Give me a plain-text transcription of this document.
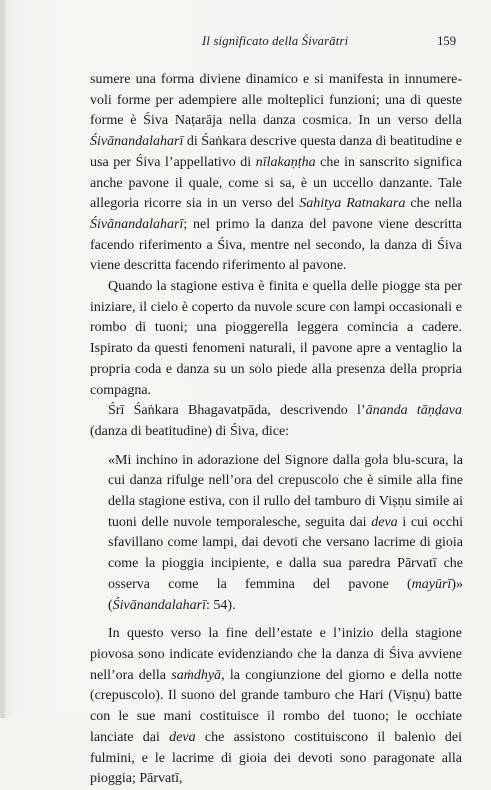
Il significato della Śivarātri	159

sumere una forma diviene dinamico e si manifesta in innumere-voli forme per adempiere alle molteplici funzioni; una di queste forme è Śiva Naṭarāja nella danza cosmica. In un verso della Śivānandalaharī di Śaṅkara descrive questa danza di beatitudine e usa per Śiva l’appellativo di nīlakaṇṭha che in sanscrito significa anche pavone il quale, come si sa, è un uccello danzante. Tale allegoria ricorre sia in un verso del Sahitya Ratnakara che nella Śivānandalaharī; nel primo la danza del pavone viene descritta facendo riferimento a Śiva, mentre nel secondo, la danza di Śiva viene descritta facendo riferimento al pavone.

Quando la stagione estiva è finita e quella delle piogge sta per iniziare, il cielo è coperto da nuvole scure con lampi occasionali e rombo di tuoni; una pioggerella leggera comincia a cadere. Ispirato da questi fenomeni naturali, il pavone apre a ventaglio la propria coda e danza su un solo piede alla presenza della propria compagna.

Śrī Śaṅkara Bhagavatpāda, descrivendo l’ānanda tāṇḍava (danza di beatitudine) di Śiva, dice:

«Mi inchino in adorazione del Signore dalla gola blu-scura, la cui danza rifulge nell’ora del crepuscolo che è simile alla fine della stagione estiva, con il rullo del tamburo di Viṣṇu simile ai tuoni delle nuvole temporalesche, seguita dai deva i cui occhi sfavillano come lampi, dai devoti che versano lacrime di gioia come la pioggia incipiente, e dalla sua paredra Pārvatī che osserva come la femmina del pavone (mayūrī)» (Śivānandalaharī: 54).

In questo verso la fine dell’estate e l’inizio della stagione piovosa sono indicate evidenziando che la danza di Śiva avviene nell’ora della saṁdhyā, la congiunzione del giorno e della notte (crepuscolo). Il suono del grande tamburo che Hari (Viṣṇu) batte con le sue mani costituisce il rombo del tuono; le occhiate lanciate dai deva che assistono costituiscono il balenio dei fulmini, e le lacrime di gioia dei devoti sono paragonate alla pioggia; Pārvatī,
